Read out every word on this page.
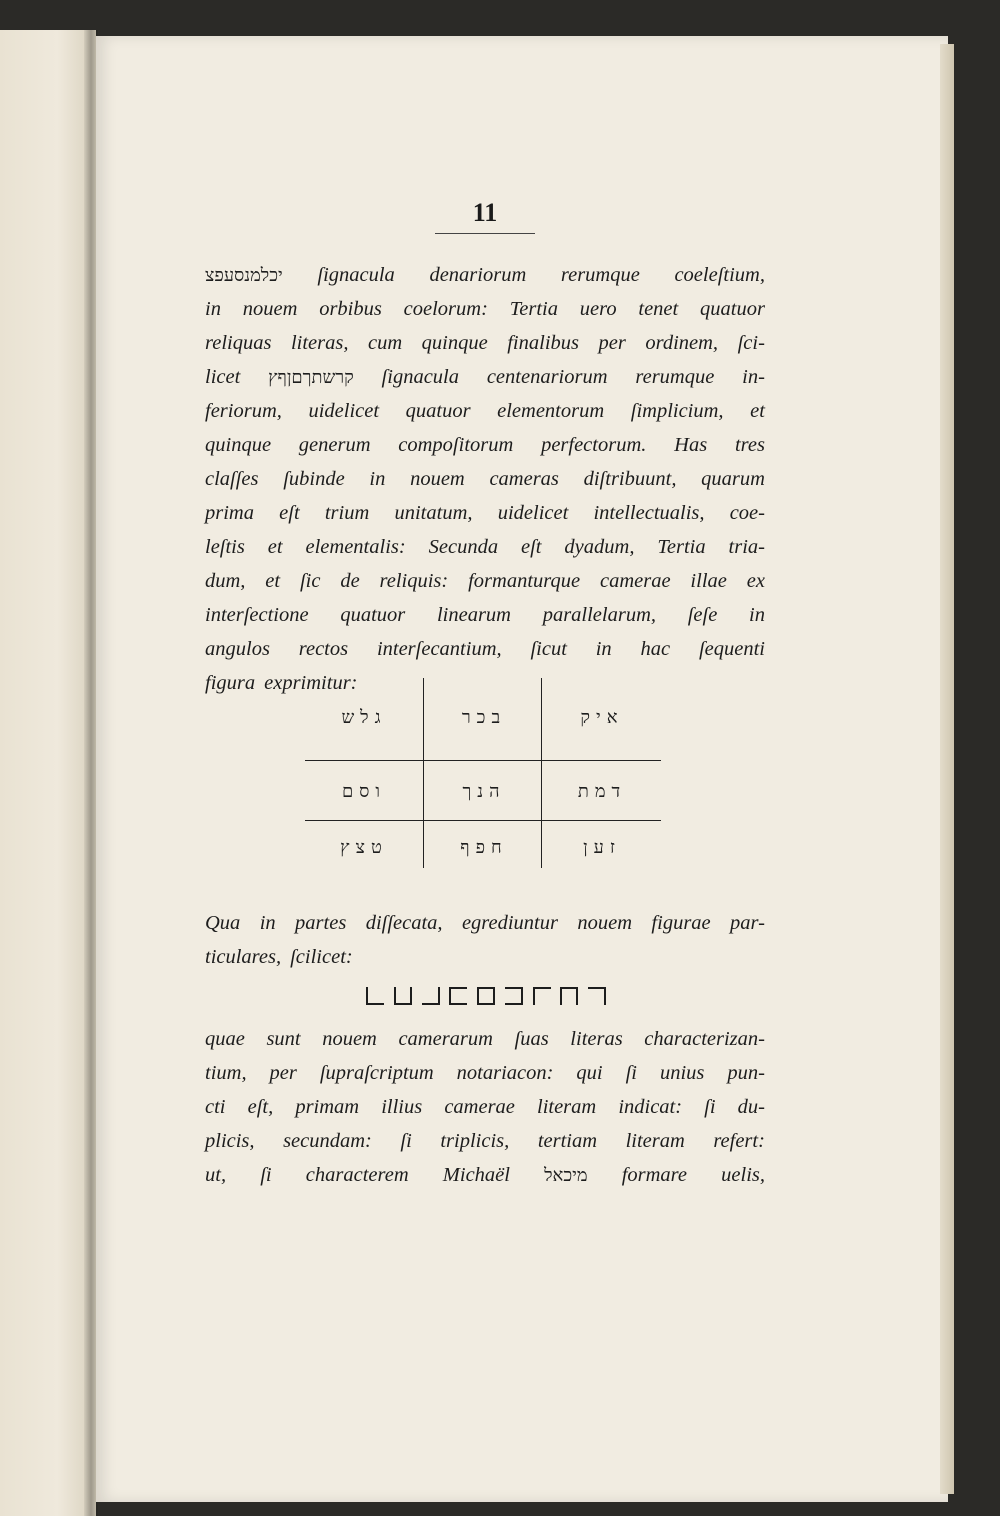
11
יכלמנסעפצ ſignacula denariorum rerumque coeleſtium,
in nouem orbibus coelorum: Tertia uero tenet quatuor
reliquas literas, cum quinque finalibus per ordinem, ſci-
licet קרשתךםןףץ ſignacula centenariorum rerumque in-
feriorum, uidelicet quatuor elementorum ſimplicium, et
quinque generum compoſitorum perfectorum. Has tres
claſſes ſubinde in nouem cameras diſtribuunt, quarum
prima eſt trium unitatum, uidelicet intellectualis, coe-
leſtis et elementalis: Secunda eſt dyadum, Tertia tria-
dum, et ſic de reliquis: formanturque camerae illae ex
interſectione quatuor linearum parallelarum, ſeſe in
angulos rectos interſecantium, ſicut in hac ſequenti
figura exprimitur:
איק
בכר
גלש
דמת
הנך
וסם
זען
חפף
טצץ
Qua in partes diſſecata, egrediuntur nouem figurae par-
ticulares, ſcilicet:
quae sunt nouem camerarum ſuas literas characterizan-
tium, per ſupraſcriptum notariacon: qui ſi unius pun-
cti eſt, primam illius camerae literam indicat: ſi du-
plicis, secundam: ſi triplicis, tertiam literam refert:
ut, ſi characterem Michaël מיכאל formare uelis,
